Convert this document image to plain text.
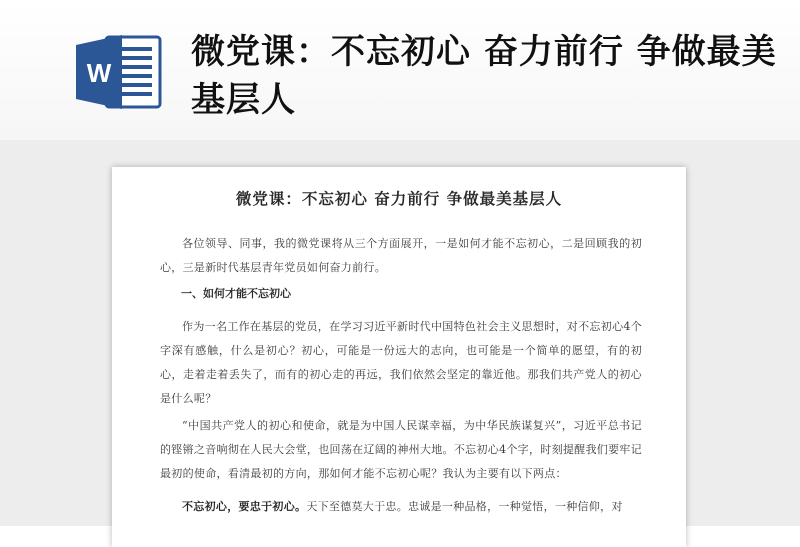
W
微党课：不忘初心 奋力前行 争做最美基层人
微党课：不忘初心 奋力前行 争做最美基层人

各位领导、同事，我的微党课将从三个方面展开，一是如何才能不忘初心，二是回顾我的初心，三是新时代基层青年党员如何奋力前行。

一、如何才能不忘初心

作为一名工作在基层的党员，在学习习近平新时代中国特色社会主义思想时，对不忘初心4个字深有感触，什么是初心？初心，可能是一份远大的志向，也可能是一个简单的愿望，有的初心，走着走着丢失了，而有的初心走的再远，我们依然会坚定的靠近他。那我们共产党人的初心是什么呢？

“中国共产党人的初心和使命，就是为中国人民谋幸福，为中华民族谋复兴”，习近平总书记的铿锵之音响彻在人民大会堂，也回荡在辽阔的神州大地。不忘初心4个字，时刻提醒我们要牢记最初的使命，看清最初的方向，那如何才能不忘初心呢？我认为主要有以下两点：

不忘初心，要忠于初心。天下至德莫大于忠。忠诚是一种品格，一种觉悟，一种信仰，对
